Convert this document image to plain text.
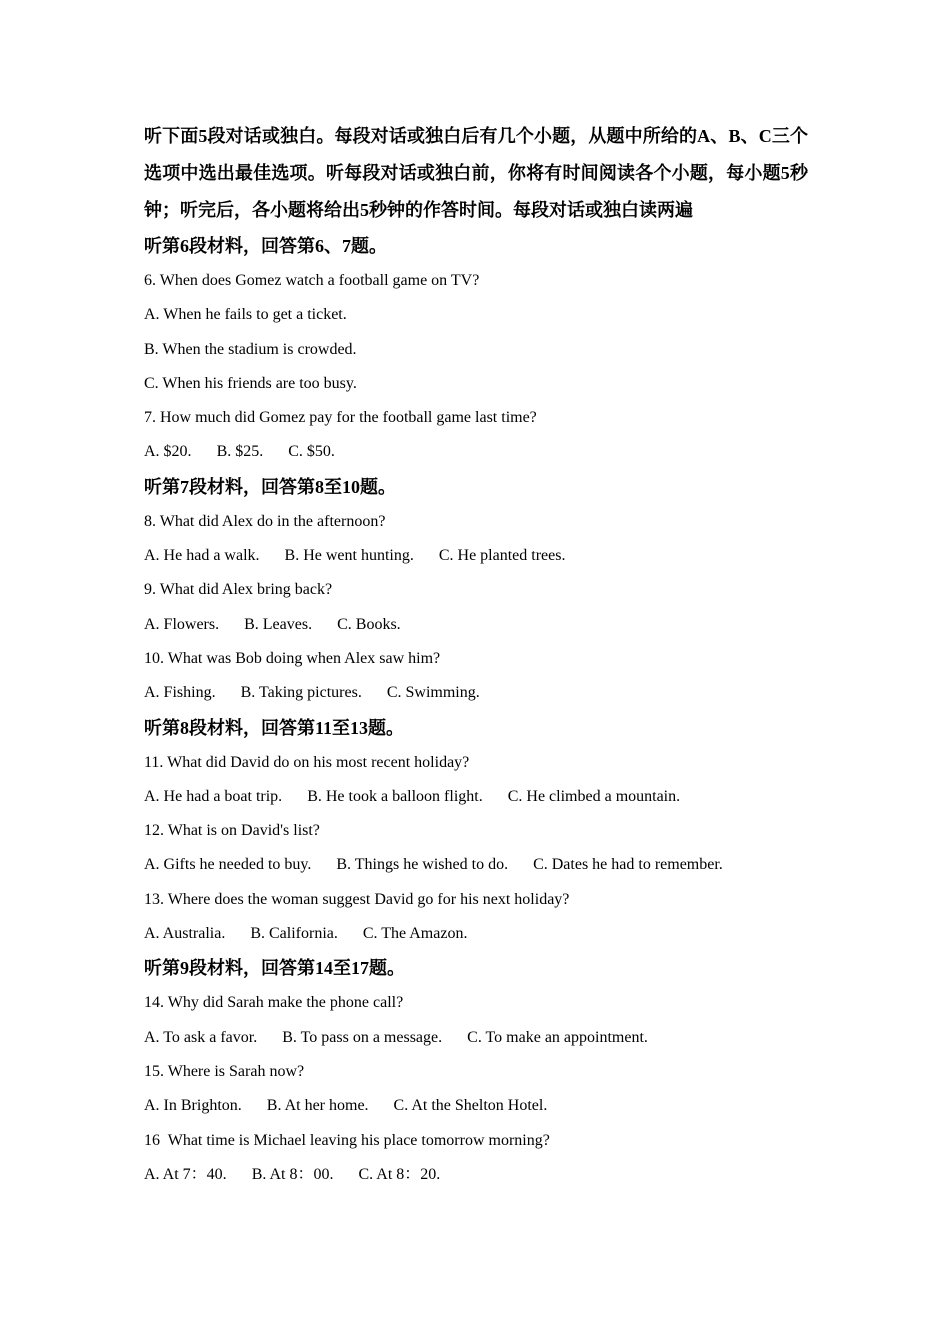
听下面5段对话或独白。每段对话或独白后有几个小题，从题中所给的A、B、C三个选项中选出最佳选项。听每段对话或独白前，你将有时间阅读各个小题，每小题5秒钟；听完后，各小题将给出5秒钟的作答时间。每段对话或独白读两遍

听第6段材料，回答第6、7题。

6. When does Gomez watch a football game on TV?

A. When he fails to get a ticket.

B. When the stadium is crowded.

C. When his friends are too busy.

7. How much did Gomez pay for the football game last time?

A. $20. B. $25. C. $50.

听第7段材料，回答第8至10题。

8. What did Alex do in the afternoon?

A. He had a walk. B. He went hunting. C. He planted trees.

9. What did Alex bring back?

A. Flowers. B. Leaves. C. Books.

10. What was Bob doing when Alex saw him?

A. Fishing. B. Taking pictures. C. Swimming.

听第8段材料，回答第11至13题。

11. What did David do on his most recent holiday?

A. He had a boat trip. B. He took a balloon flight. C. He climbed a mountain.

12. What is on David's list?

A. Gifts he needed to buy. B. Things he wished to do. C. Dates he had to remember.

13. Where does the woman suggest David go for his next holiday?

A. Australia. B. California. C. The Amazon.

听第9段材料，回答第14至17题。

14. Why did Sarah make the phone call?

A. To ask a favor. B. To pass on a message. C. To make an appointment.

15. Where is Sarah now?

A. In Brighton. B. At her home. C. At the Shelton Hotel.

16  What time is Michael leaving his place tomorrow morning?

A. At 7：40. B. At 8：00. C. At 8：20.
